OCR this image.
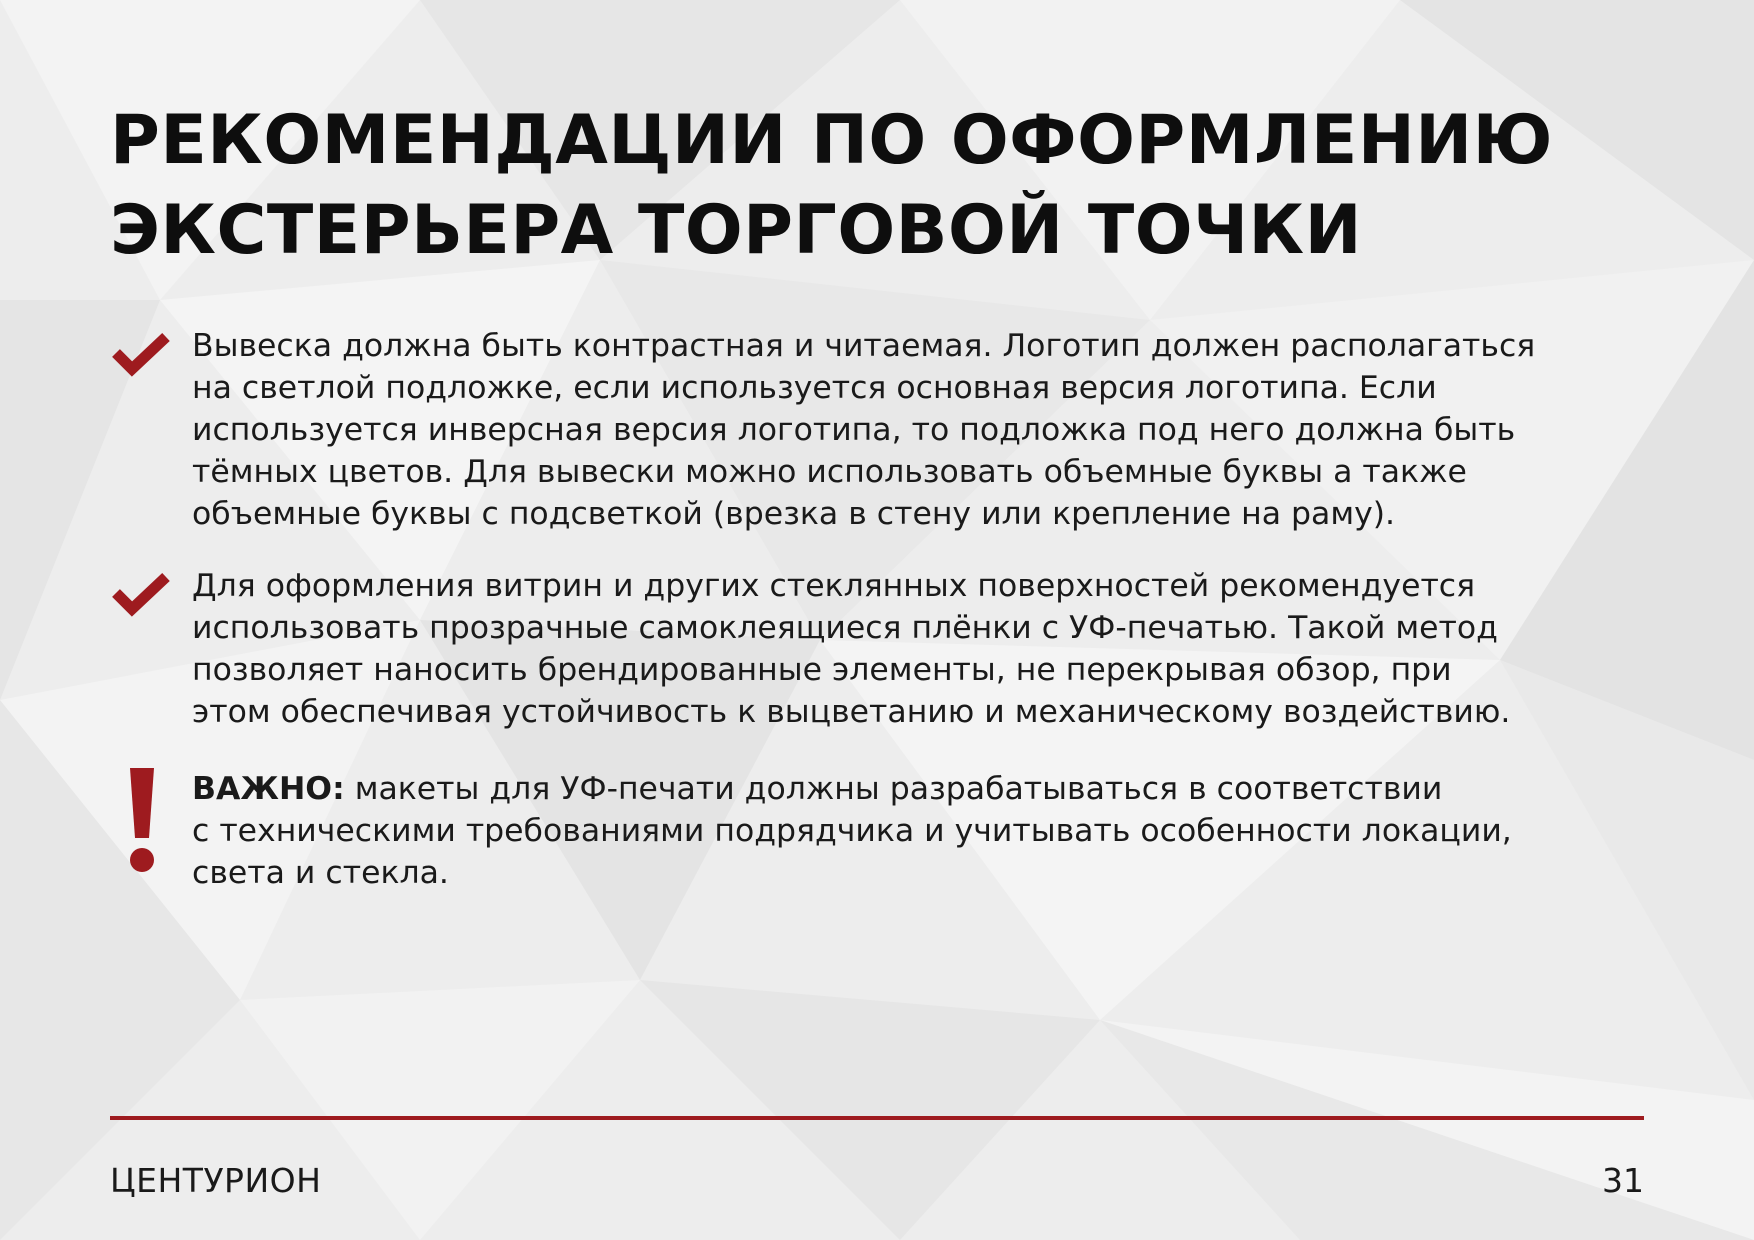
РЕКОМЕНДАЦИИ ПО ОФОРМЛЕНИЮ
ЭКСТЕРЬЕРА ТОРГОВОЙ ТОЧКИ

Вывеска должна быть контрастная и читаемая. Логотип должен располагаться
на светлой подложке, если используется основная версия логотипа. Если
используется инверсная версия логотипа, то подложка под него должна быть
тёмных цветов. Для вывески можно использовать объемные буквы а также
объемные буквы с подсветкой (врезка в стену или крепление на раму).

Для оформления витрин и других стеклянных поверхностей рекомендуется
использовать прозрачные самоклеящиеся плёнки с УФ-печатью. Такой метод
позволяет наносить брендированные элементы, не перекрывая обзор, при
этом обеспечивая устойчивость к выцветанию и механическому воздействию.

ВАЖНО: макеты для УФ-печати должны разрабатываться в соответствии
с техническими требованиями подрядчика и учитывать особенности локации,
света и стекла.

ЦЕНТУРИОН	31
